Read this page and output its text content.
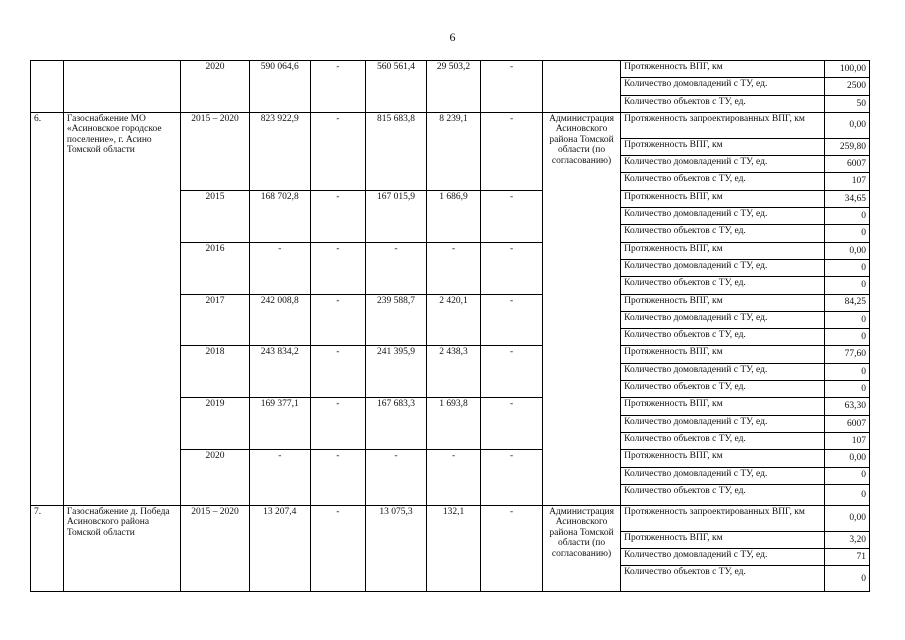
6
		2020	590 064,6	-	560 561,4	29 503,2	-		Протяженность ВПГ, км	100,00
									Количество домовладений с ТУ, ед.	2500
									Количество объектов с ТУ, ед.	50
6.	Газоснабжение МО «Асиновское городское поселение», г. Асино Томской области	2015 – 2020	823 922,9	-	815 683,8	8 239,1	-	Администрация Асиновского района Томской области (по согласованию)	Протяженность запроектированных ВПГ, км	0,00
									Протяженность ВПГ, км	259,80
									Количество домовладений с ТУ, ед.	6007
									Количество объектов с ТУ, ед.	107
		2015	168 702,8	-	167 015,9	1 686,9	-		Протяженность ВПГ, км	34,65
									Количество домовладений с ТУ, ед.	0
									Количество объектов с ТУ, ед.	0
		2016	-	-	-	-	-		Протяженность ВПГ, км	0,00
									Количество домовладений с ТУ, ед.	0
									Количество объектов с ТУ, ед.	0
		2017	242 008,8	-	239 588,7	2 420,1	-		Протяженность ВПГ, км	84,25
									Количество домовладений с ТУ, ед.	0
									Количество объектов с ТУ, ед.	0
		2018	243 834,2	-	241 395,9	2 438,3	-		Протяженность ВПГ, км	77,60
									Количество домовладений с ТУ, ед.	0
									Количество объектов с ТУ, ед.	0
		2019	169 377,1	-	167 683,3	1 693,8	-		Протяженность ВПГ, км	63,30
									Количество домовладений с ТУ, ед.	6007
									Количество объектов с ТУ, ед.	107
		2020	-	-	-	-	-		Протяженность ВПГ, км	0,00
									Количество домовладений с ТУ, ед.	0
									Количество объектов с ТУ, ед.	0
7.	Газоснабжение д. Победа Асиновского района Томской области	2015 – 2020	13 207,4	-	13 075,3	132,1	-	Администрация Асиновского района Томской области (по согласованию)	Протяженность запроектированных ВПГ, км	0,00
									Протяженность ВПГ, км	3,20
									Количество домовладений с ТУ, ед.	71
									Количество объектов с ТУ, ед.	0
